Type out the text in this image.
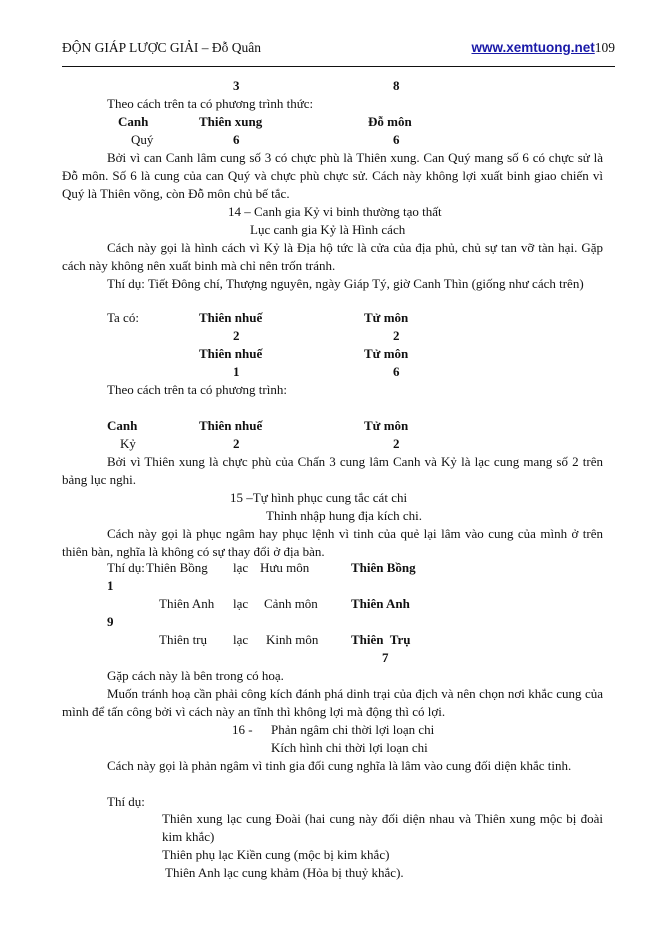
ĐỘN GIÁP LƯỢC GIẢI – Đỗ Quân	www.xemtuong.net109
3	8
Theo cách trên ta có phương trình thức:
Canh	Thiên xung	Đỗ môn
Quý	6	6
Bởi vì can Canh lâm cung số 3 có chực phù là Thiên xung. Can Quý mang số 6 có chực sử là Đỗ môn. Số 6 là cung của can Quý và chực phù chực sử. Cách này không lợi xuất binh giao chiến vì Quý là Thiên võng, còn Đỗ môn chủ bế tắc.
14 – Canh gia Kỷ vi binh thường tạo thất
Lục canh gia Kỷ là Hình cách
Cách này gọi là hình cách vì Kỷ là Địa hộ tức là cửa của địa phủ, chủ sự tan vỡ tàn hại. Gặp cách này không nên xuất binh mà chỉ nên trốn tránh.
Thí dụ: Tiết Đông chí, Thượng nguyên, ngày Giáp Tý, giờ Canh Thìn (giống như cách trên)
Ta có:	Thiên nhuế	Tử môn
2	2
Thiên nhuế	Tử môn
1	6
Theo cách trên ta có phương trình:
Canh	Thiên nhuế	Tử môn
Kỷ	2	2
Bởi vì Thiên xung là chực phù của Chấn 3 cung lâm Canh và Kỷ là lạc cung mang số 2 trên bảng lục nghi.
15 –Tự hình phục cung tắc cát chi
Thỉnh nhập hung địa kích chi.
Cách này gọi là phục ngâm hay phục lệnh vì tinh của quẻ lại lâm vào cung của mình ở trên thiên bàn, nghĩa là không có sự thay đổi ở địa bàn.
Thí dụ: Thiên Bồng lạc Hưu môn	Thiên Bồng
1
Thiên Anh lạc Cảnh môn	Thiên Anh
9
Thiên trụ lạc Kinh môn	Thiên  Trụ
7
Gặp cách này là bên trong có hoạ.
Muốn tránh hoạ cần phải công kích đánh phá dinh trại của địch và nên chọn nơi khắc cung của mình để tấn công bởi vì cách này an tĩnh thì không lợi mà động thì có lợi.
16 - Phản ngâm chi thời lợi loạn chi
Kích hình chi thời lợi loạn chi
Cách này gọi là phản ngâm vì tinh gia đối cung nghĩa là lâm vào cung đối diện khắc tinh.
Thí dụ:
Thiên xung lạc cung Đoài (hai cung này đối diện nhau và Thiên xung mộc bị đoài kim khắc)
Thiên phụ lạc Kiền cung (mộc bị kim khắc)
Thiên Anh lạc cung khảm (Hỏa bị thuỷ khắc).
